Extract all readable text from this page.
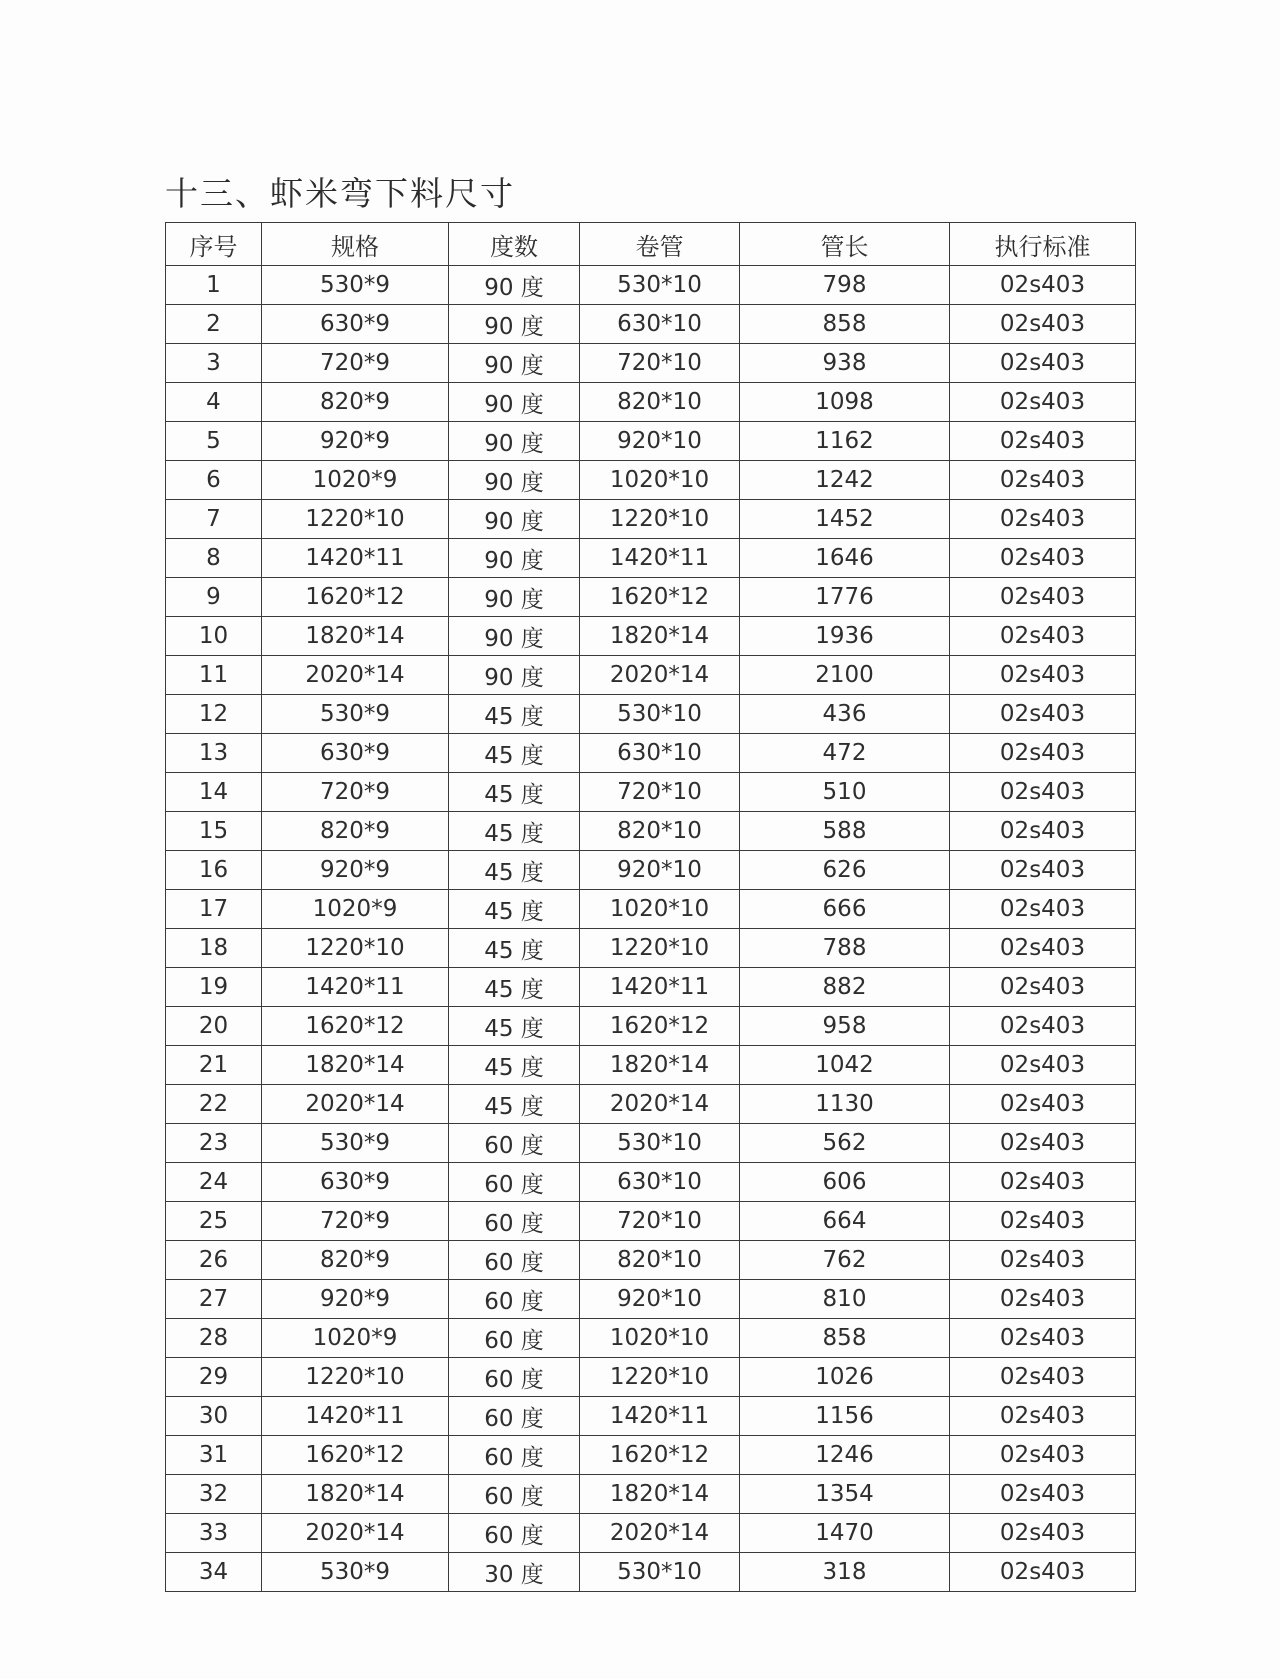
十三、虾米弯下料尺寸
序号	规格	度数	卷管	管长	执行标准
1	530*9	90 度	530*10	798	02s403
2	630*9	90 度	630*10	858	02s403
3	720*9	90 度	720*10	938	02s403
4	820*9	90 度	820*10	1098	02s403
5	920*9	90 度	920*10	1162	02s403
6	1020*9	90 度	1020*10	1242	02s403
7	1220*10	90 度	1220*10	1452	02s403
8	1420*11	90 度	1420*11	1646	02s403
9	1620*12	90 度	1620*12	1776	02s403
10	1820*14	90 度	1820*14	1936	02s403
11	2020*14	90 度	2020*14	2100	02s403
12	530*9	45 度	530*10	436	02s403
13	630*9	45 度	630*10	472	02s403
14	720*9	45 度	720*10	510	02s403
15	820*9	45 度	820*10	588	02s403
16	920*9	45 度	920*10	626	02s403
17	1020*9	45 度	1020*10	666	02s403
18	1220*10	45 度	1220*10	788	02s403
19	1420*11	45 度	1420*11	882	02s403
20	1620*12	45 度	1620*12	958	02s403
21	1820*14	45 度	1820*14	1042	02s403
22	2020*14	45 度	2020*14	1130	02s403
23	530*9	60 度	530*10	562	02s403
24	630*9	60 度	630*10	606	02s403
25	720*9	60 度	720*10	664	02s403
26	820*9	60 度	820*10	762	02s403
27	920*9	60 度	920*10	810	02s403
28	1020*9	60 度	1020*10	858	02s403
29	1220*10	60 度	1220*10	1026	02s403
30	1420*11	60 度	1420*11	1156	02s403
31	1620*12	60 度	1620*12	1246	02s403
32	1820*14	60 度	1820*14	1354	02s403
33	2020*14	60 度	2020*14	1470	02s403
34	530*9	30 度	530*10	318	02s403
